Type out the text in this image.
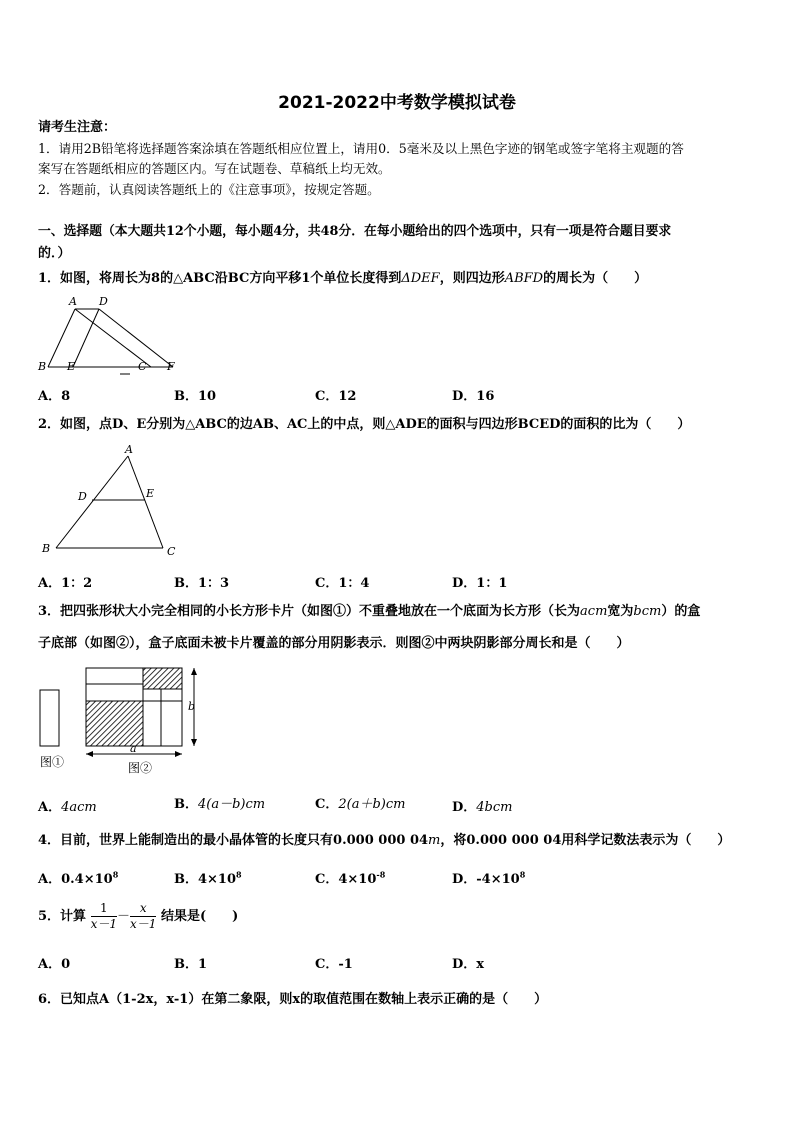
2021-2022中考数学模拟试卷
请考生注意：
1．请用2B铅笔将选择题答案涂填在答题纸相应位置上，请用0．5毫米及以上黑色字迹的钢笔或签字笔将主观题的答
案写在答题纸相应的答题区内。写在试题卷、草稿纸上均无效。
2．答题前，认真阅读答题纸上的《注意事项》，按规定答题。
一、选择题（本大题共12个小题，每小题4分，共48分．在每小题给出的四个选项中，只有一项是符合题目要求
的．）
1．如图，将周长为8的△ABC沿BC方向平移1个单位长度得到ΔDEF，则四边形ABFD的周长为（　　）
A D
B E	C F
A．8	B．10	C．12	D．16
2．如图，点D、E分别为△ABC的边AB、AC上的中点，则△ADE的面积与四边形BCED的面积的比为（　　）
A
D	E
B	C
A．1：2	B．1：3	C．1：4	D．1：1
3．把四张形状大小完全相同的小长方形卡片（如图①）不重叠地放在一个底面为长方形（长为acm宽为bcm）的盒
子底部（如图②），盒子底面未被卡片覆盖的部分用阴影表示．则图②中两块阴影部分周长和是（　　）
图①
b
a
图②
A．4acm	B．4(a－b)cm	C．2(a＋b)cm	D．4bcm
4．目前，世界上能制造出的最小晶体管的长度只有0.000 000 04m，将0.000 000 04用科学记数法表示为（　　）
A．$0.4\times 10^8$	B．$4\times 10^8$	C．$4\times 10^{-8}$	D．$-4\times 10^8$
5．计算 $\frac{1}{x-1} - \frac{x}{x-1}$ 结果是(　　)
A．0	B．1	C．-1	D．x
6．已知点A（1-2x，x-1）在第二象限，则x的取值范围在数轴上表示正确的是（　　）
